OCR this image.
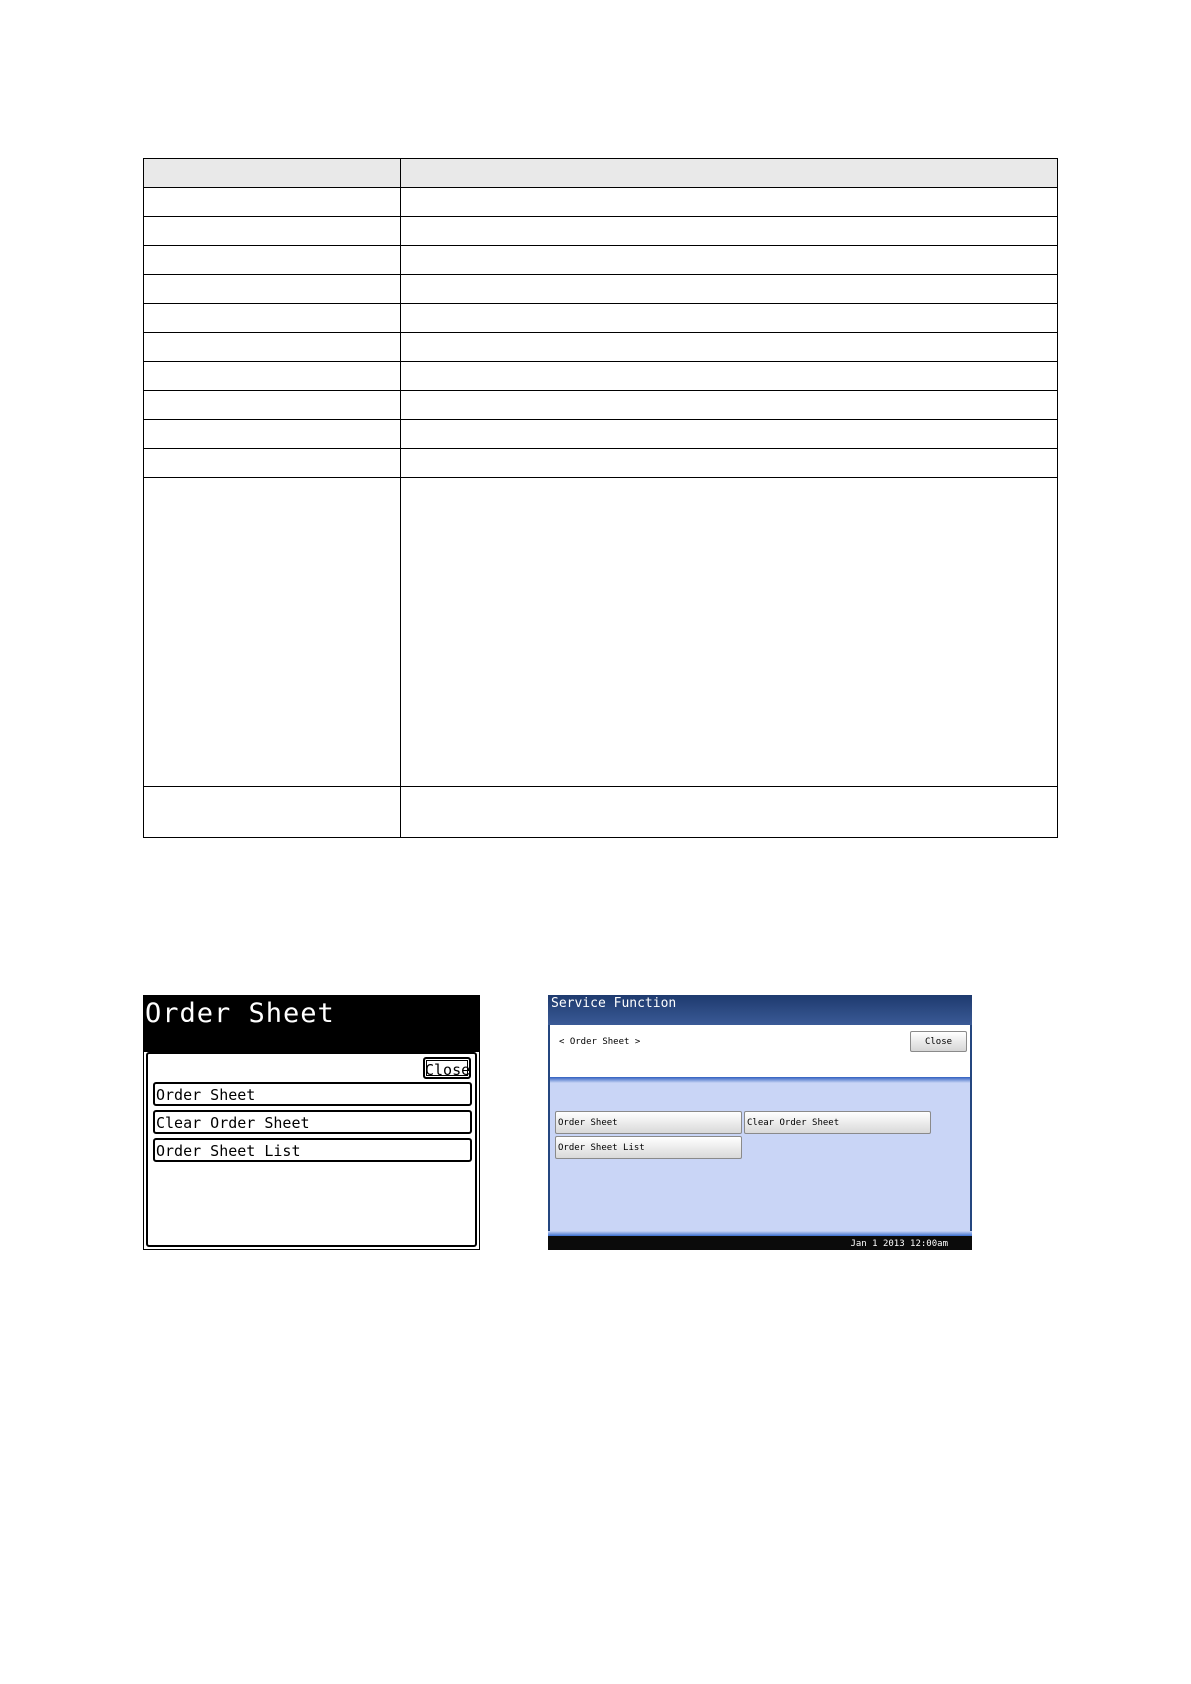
Order Sheet
Close
Order Sheet
Clear Order Sheet
Order Sheet List
Service Function
< Order Sheet >	Close
Order Sheet	Clear Order Sheet
Order Sheet List
Jan 1 2013 12:00am
